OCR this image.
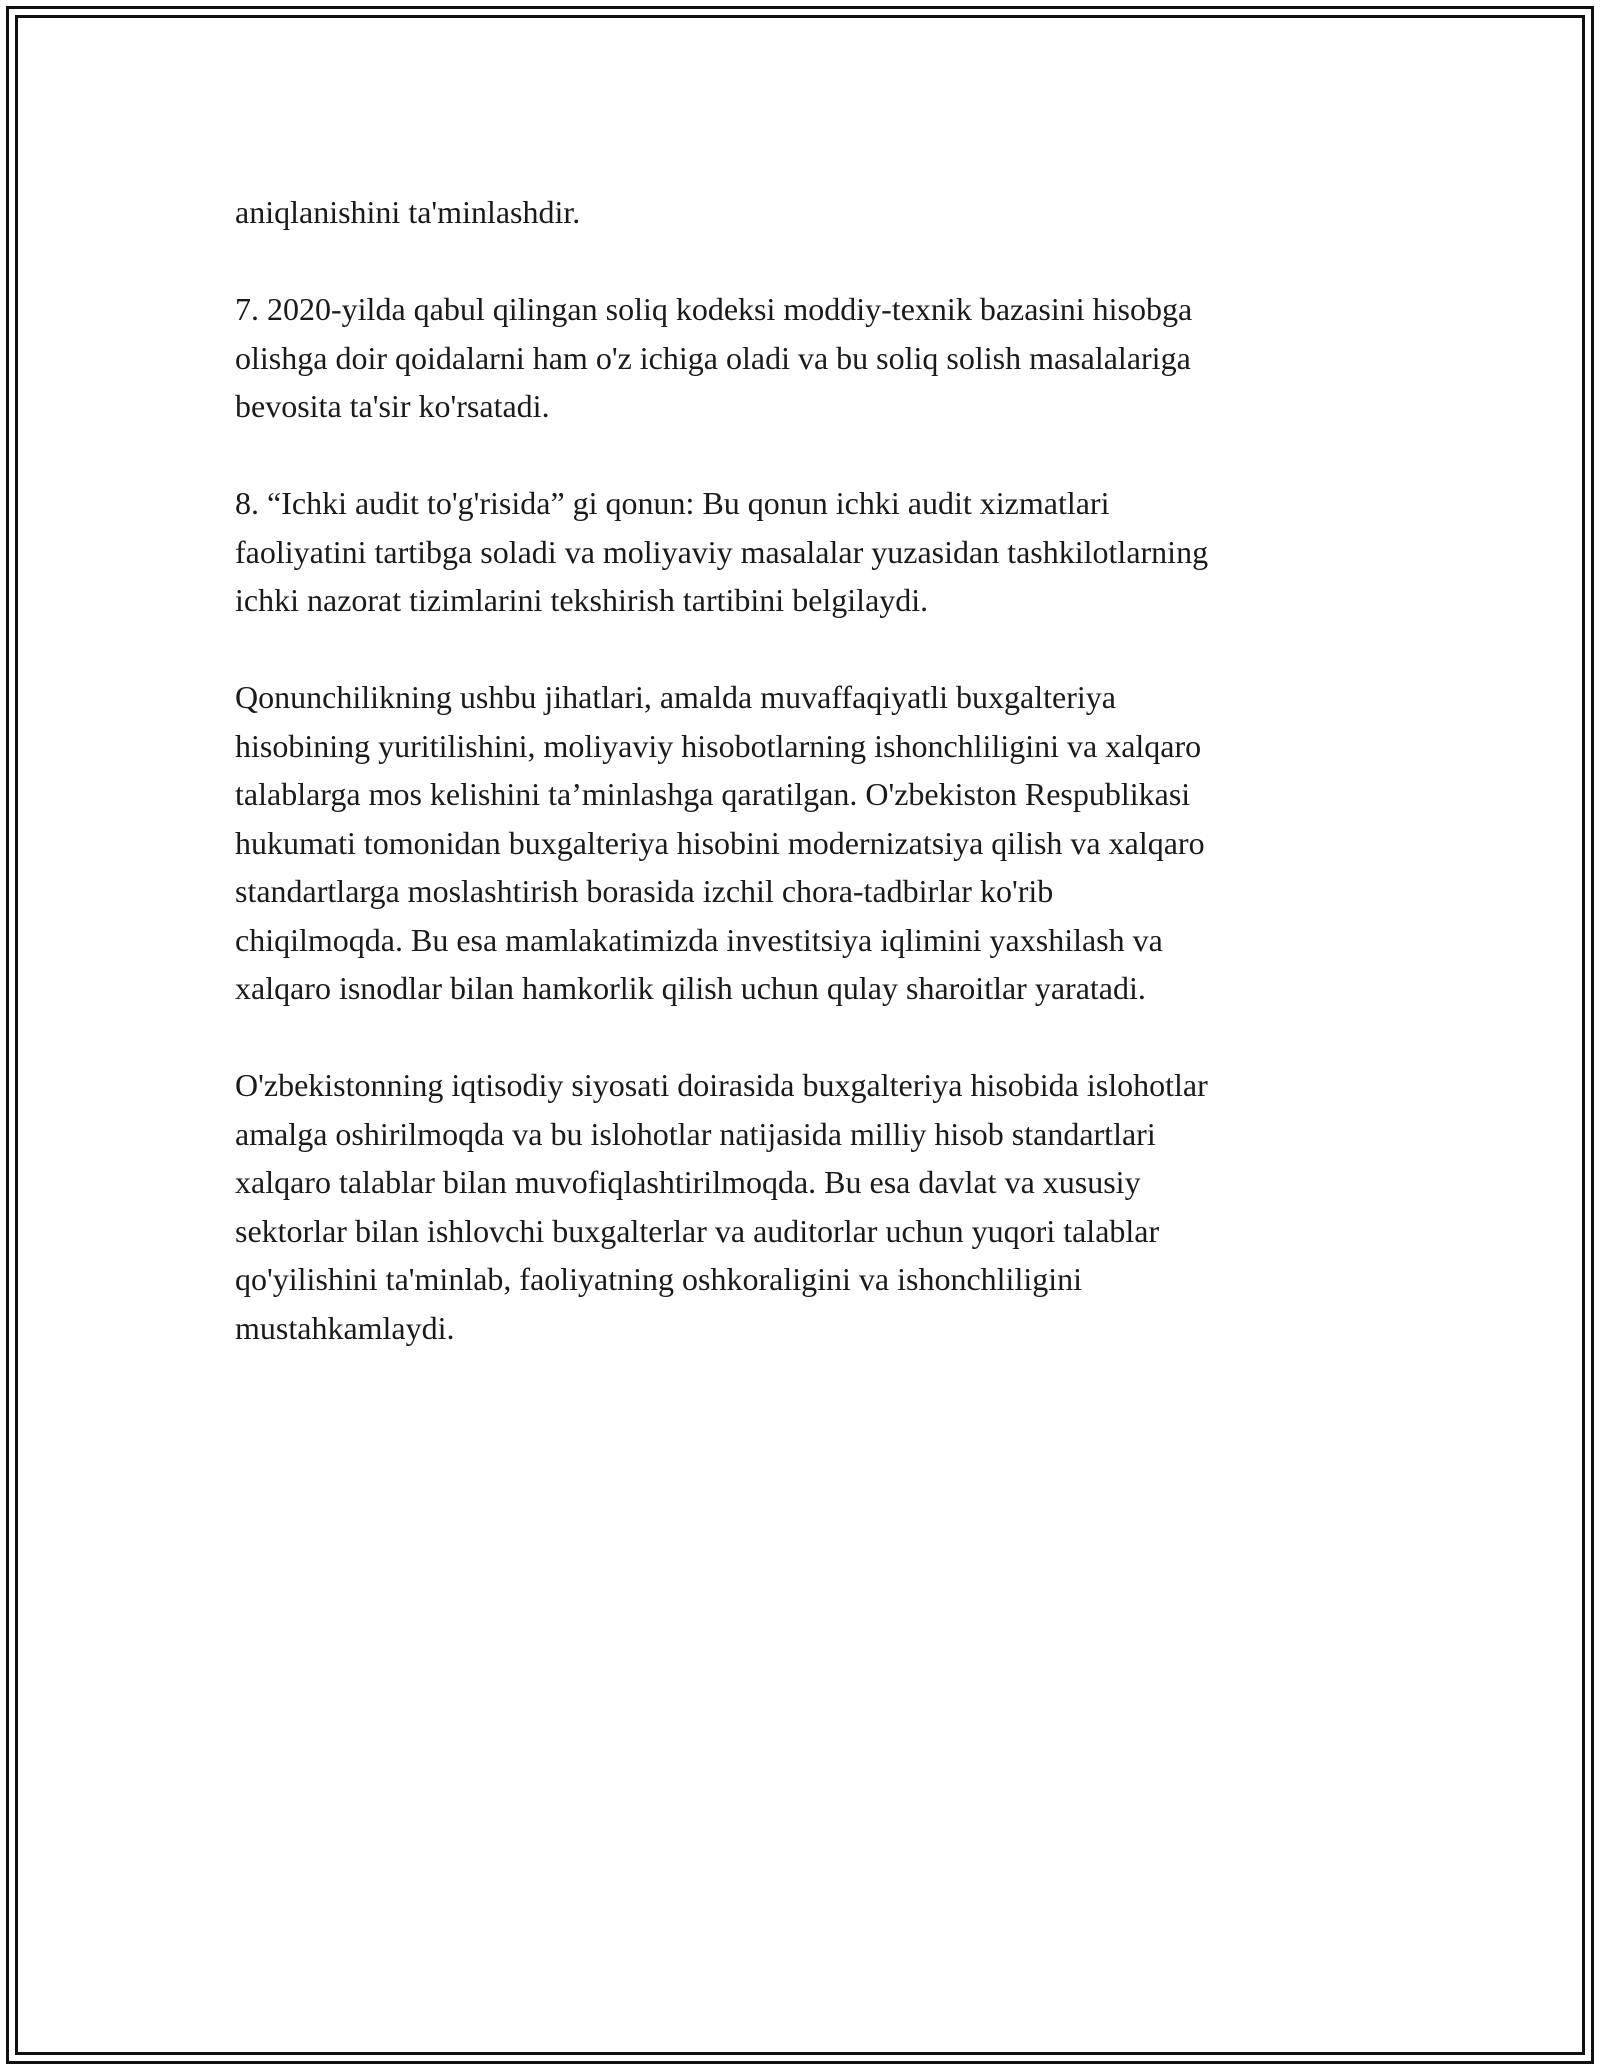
aniqlanishini ta'minlashdir.

7. 2020-yilda qabul qilingan soliq kodeksi moddiy-texnik bazasini hisobga
olishga doir qoidalarni ham o'z ichiga oladi va bu soliq solish masalalariga
bevosita ta'sir ko'rsatadi.

8. “Ichki audit to'g'risida” gi qonun: Bu qonun ichki audit xizmatlari
faoliyatini tartibga soladi va moliyaviy masalalar yuzasidan tashkilotlarning
ichki nazorat tizimlarini tekshirish tartibini belgilaydi.

Qonunchilikning ushbu jihatlari, amalda muvaffaqiyatli buxgalteriya
hisobining yuritilishini, moliyaviy hisobotlarning ishonchliligini va xalqaro
talablarga mos kelishini ta’minlashga qaratilgan. O'zbekiston Respublikasi
hukumati tomonidan buxgalteriya hisobini modernizatsiya qilish va xalqaro
standartlarga moslashtirish borasida izchil chora-tadbirlar ko'rib
chiqilmoqda. Bu esa mamlakatimizda investitsiya iqlimini yaxshilash va
xalqaro isnodlar bilan hamkorlik qilish uchun qulay sharoitlar yaratadi.

O'zbekistonning iqtisodiy siyosati doirasida buxgalteriya hisobida islohotlar
amalga oshirilmoqda va bu islohotlar natijasida milliy hisob standartlari
xalqaro talablar bilan muvofiqlashtirilmoqda. Bu esa davlat va xususiy
sektorlar bilan ishlovchi buxgalterlar va auditorlar uchun yuqori talablar
qo'yilishini ta'minlab, faoliyatning oshkoraligini va ishonchliligini
mustahkamlaydi.
